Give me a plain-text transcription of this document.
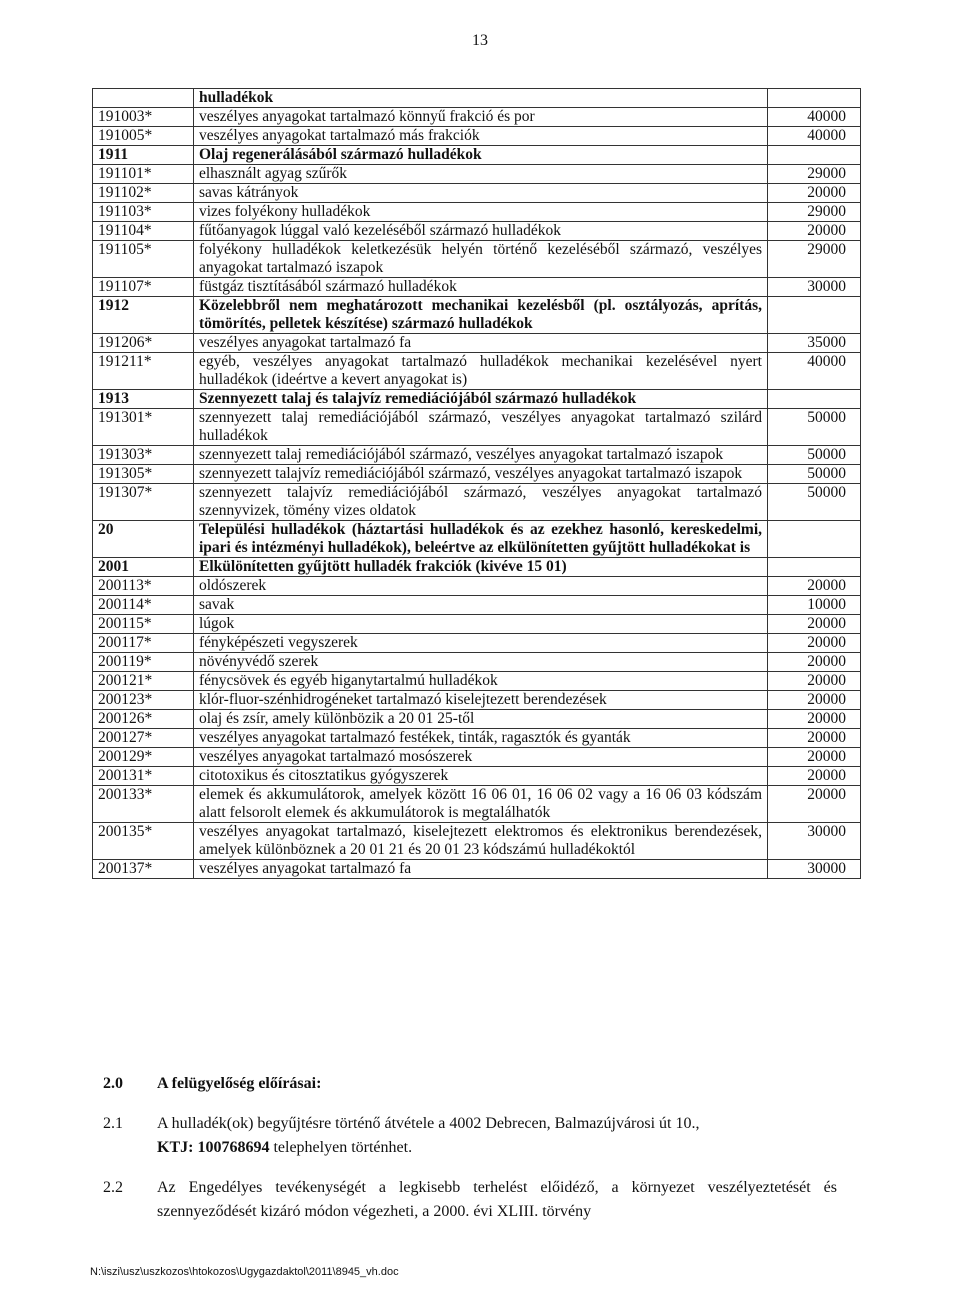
13
	hulladékok	
191003*	veszélyes anyagokat tartalmazó könnyű frakció és por	40000
191005*	veszélyes anyagokat tartalmazó más frakciók	40000
1911	Olaj regenerálásából származó hulladékok	
191101*	elhasznált agyag szűrők	29000
191102*	savas kátrányok	20000
191103*	vizes folyékony hulladékok	29000
191104*	fűtőanyagok lúggal való kezeléséből származó hulladékok	20000
191105*	folyékony hulladékok keletkezésük helyén történő kezeléséből származó, veszélyes anyagokat tartalmazó iszapok	29000
191107*	füstgáz tisztításából származó hulladékok	30000
1912	Közelebbről nem meghatározott mechanikai kezelésből (pl. osztályozás, aprítás, tömörítés, pelletek készítése) származó hulladékok	
191206*	veszélyes anyagokat tartalmazó fa	35000
191211*	egyéb, veszélyes anyagokat tartalmazó hulladékok mechanikai kezelésével nyert hulladékok (ideértve a kevert anyagokat is)	40000
1913	Szennyezett talaj és talajvíz remediációjából származó hulladékok	
191301*	szennyezett talaj remediációjából származó, veszélyes anyagokat tartalmazó szilárd hulladékok	50000
191303*	szennyezett talaj remediációjából származó, veszélyes anyagokat tartalmazó iszapok	50000
191305*	szennyezett talajvíz remediációjából származó, veszélyes anyagokat tartalmazó iszapok	50000
191307*	szennyezett talajvíz remediációjából származó, veszélyes anyagokat tartalmazó szennyvizek, tömény vizes oldatok	50000
20	Települési hulladékok (háztartási hulladékok és az ezekhez hasonló, kereskedelmi, ipari és intézményi hulladékok), beleértve az elkülönítetten gyűjtött hulladékokat is	
2001	Elkülönítetten gyűjtött hulladék frakciók (kivéve 15 01)	
200113*	oldószerek	20000
200114*	savak	10000
200115*	lúgok	20000
200117*	fényképészeti vegyszerek	20000
200119*	növényvédő szerek	20000
200121*	fénycsövek és egyéb higanytartalmú hulladékok	20000
200123*	klór-fluor-szénhidrogéneket tartalmazó kiselejtezett berendezések	20000
200126*	olaj és zsír, amely különbözik a 20 01 25-től	20000
200127*	veszélyes anyagokat tartalmazó festékek, tinták, ragasztók és gyanták	20000
200129*	veszélyes anyagokat tartalmazó mosószerek	20000
200131*	citotoxikus és citosztatikus gyógyszerek	20000
200133*	elemek és akkumulátorok, amelyek között 16 06 01, 16 06 02 vagy a 16 06 03 kódszám alatt felsorolt elemek és akkumulátorok is megtalálhatók	20000
200135*	veszélyes anyagokat tartalmazó, kiselejtezett elektromos és elektronikus berendezések, amelyek különböznek a 20 01 21 és 20 01 23 kódszámú hulladékoktól	30000
200137*	veszélyes anyagokat tartalmazó fa	30000
2.0 A felügyelőség előírásai:
2.1 A hulladék(ok) begyűjtésre történő átvétele a 4002 Debrecen, Balmazújvárosi út 10.,
KTJ: 100768694 telephelyen történhet.
2.2 Az Engedélyes tevékenységét a legkisebb terhelést előidéző, a környezet veszélyeztetését és szennyeződését kizáró módon végezheti, a 2000. évi XLIII. törvény
N:\iszi\usz\uszkozos\htokozos\Ugygazdaktol\2011\8945_vh.doc
